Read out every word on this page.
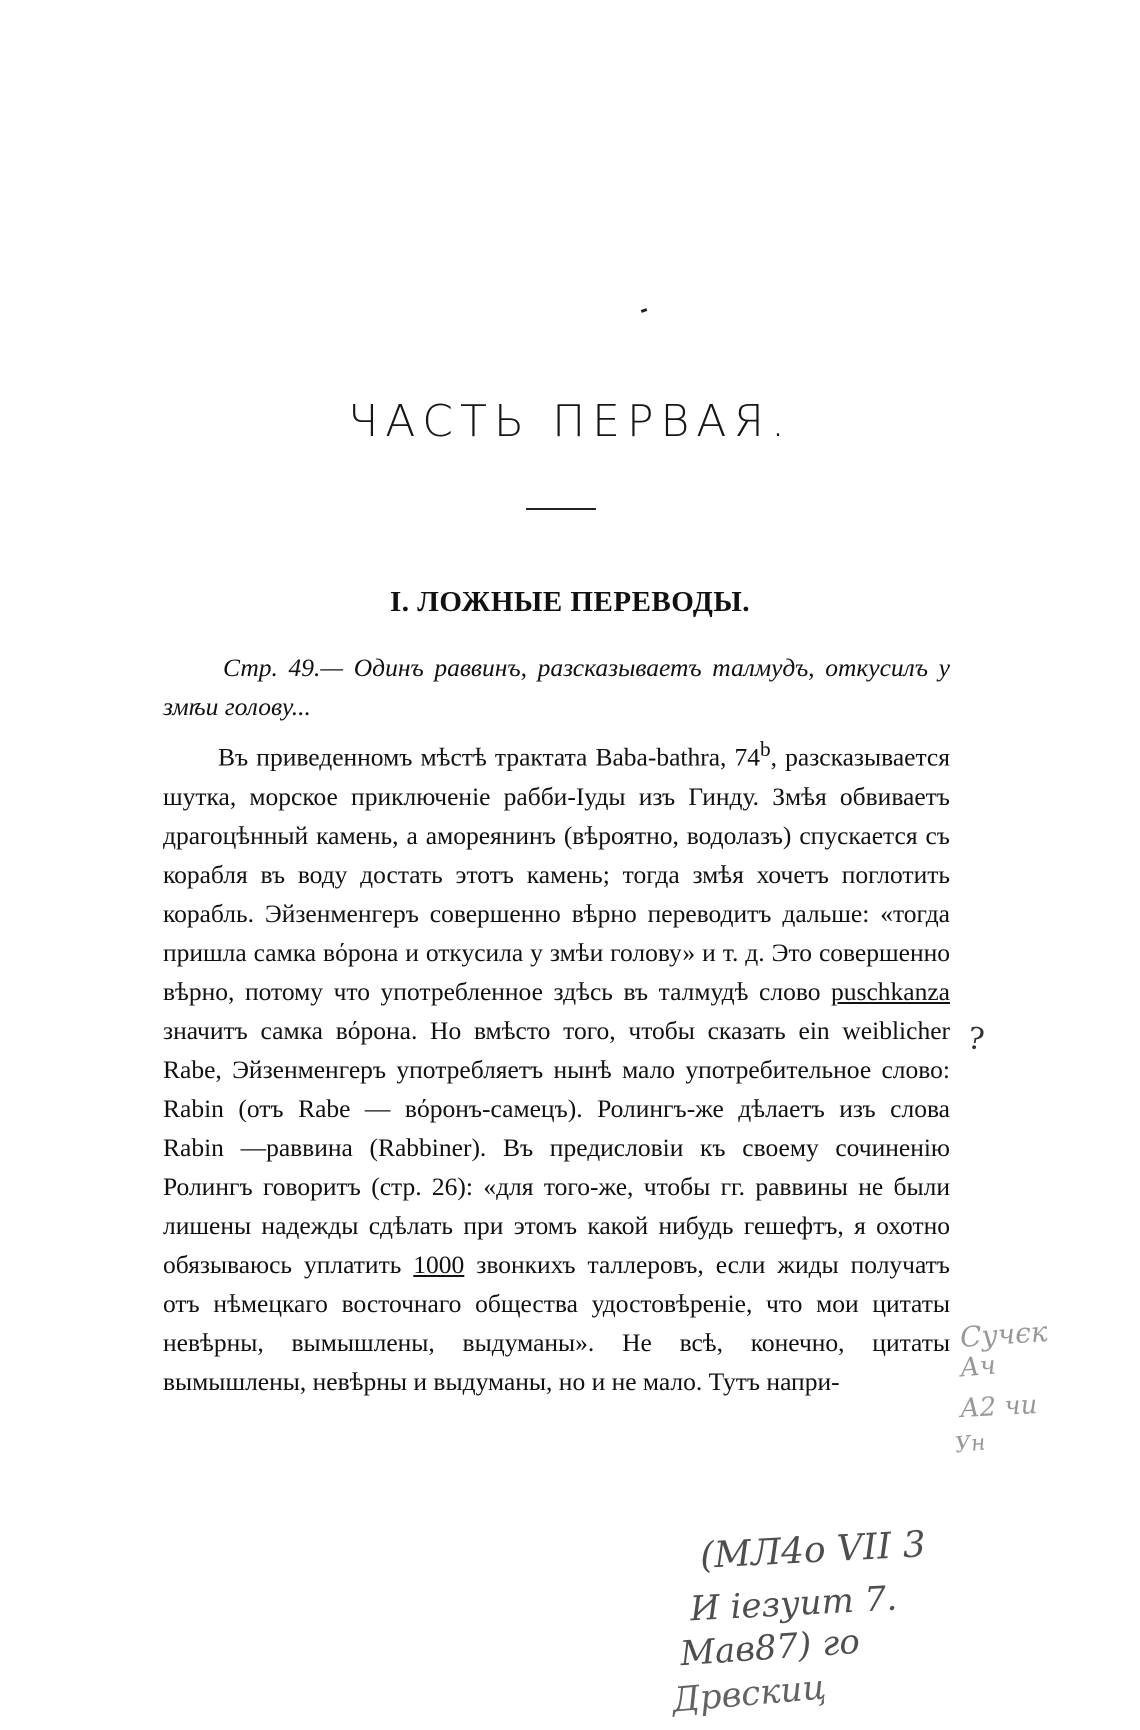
ЧАСТЬ ПЕРВАЯ.
I. ЛОЖНЫЕ ПЕРЕВОДЫ.

Стр. 49.— Одинъ раввинъ, разсказываетъ талмудъ, откусилъ у змѣи голову...

Въ приведенномъ мѣстѣ трактата Baba-bathra, 74$^b$, разсказывается шутка, морское приключеніе рабби-Іуды изъ Гинду. Змѣя обвиваетъ драгоцѣнный камень, а амореянинъ (вѣроятно, водолазъ) спускается съ корабля въ воду достать этотъ камень; тогда змѣя хочетъ поглотить корабль. Эйзенменгеръ совершенно вѣрно переводитъ дальше: «тогда пришла самка вόрона и откусила у змѣи голову» и т. д. Это совершенно вѣрно, потому что употребленное здѣсь въ талмудѣ слово puschkanza значитъ самка вόрона. Но вмѣсто того, чтобы сказать ein weiblicher Rabe, Эйзенменгеръ употребляетъ нынѣ мало употребительное слово: Rabin (отъ Rabe — вόронъ-самецъ). Ролингъ-же дѣлаетъ изъ слова Rabin —раввина (Rabbiner). Въ предисловіи къ своему сочиненію Ролингъ говоритъ (стр. 26): «для того-же, чтобы гг. раввины не были лишены надежды сдѣлать при этомъ какой нибудь гешефтъ, я охотно обязываюсь уплатить 1000 звонкихъ таллеровъ, если жиды получатъ отъ нѣмецкаго восточнаго общества удостовѣреніе, что мои цитаты невѣрны, вымышлены, выдуманы». Не всѣ, конечно, цитаты вымышлены, невѣрны и выдуманы, но и не мало. Тутъ напри-

?
Сучєк
Ач
А2 чи
Ун
(МЛ4о VII 3
И іезуит 7.
Мав87) го
Дрвскиц
